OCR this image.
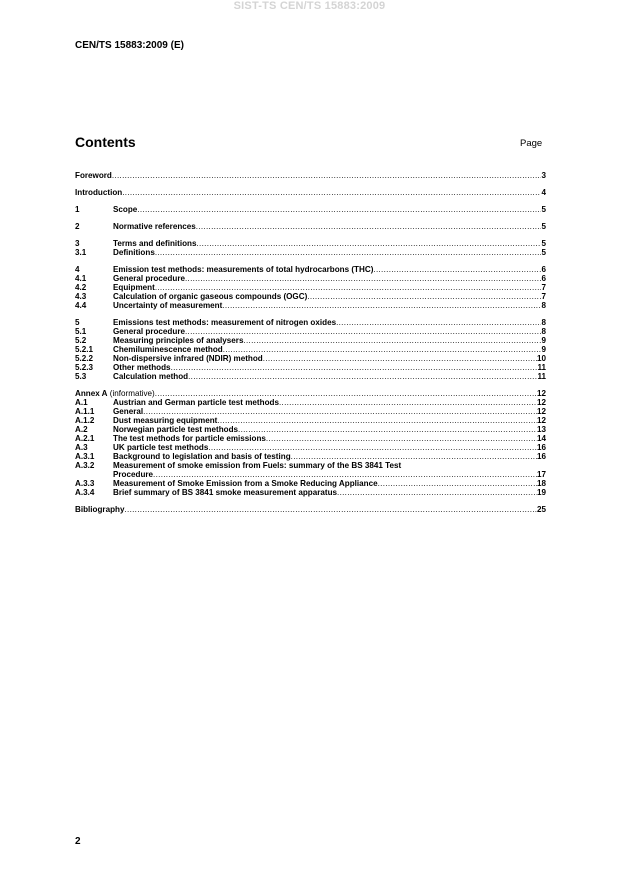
SIST-TS CEN/TS 15883:2009
CEN/TS 15883:2009 (E)
Contents	Page
Foreword .....	3
Introduction .....	4
1	Scope .....	5
2	Normative references .....	5
3	Terms and definitions .....	5
3.1	Definitions .....	5
4	Emission test methods: measurements of total hydrocarbons (THC) .....	6
4.1	General procedure .....	6
4.2	Equipment .....	7
4.3	Calculation of organic gaseous compounds (OGC) .....	7
4.4	Uncertainty of measurement .....	8
5	Emissions test methods: measurement of nitrogen oxides .....	8
5.1	General procedure .....	8
5.2	Measuring principles of analysers .....	9
5.2.1	Chemiluminescence method .....	9
5.2.2	Non-dispersive infrared (NDIR) method .....	10
5.2.3	Other methods .....	11
5.3	Calculation method .....	11
Annex A (informative) .....	12
A.1	Austrian and German particle test methods .....	12
A.1.1	General .....	12
A.1.2	Dust measuring equipment .....	12
A.2	Norwegian particle test methods .....	13
A.2.1	The test methods for particle emissions .....	14
A.3	UK particle test methods .....	16
A.3.1	Background to legislation and basis of testing .....	16
A.3.2	Measurement of smoke emission from Fuels: summary of the BS 3841 Test
Procedure .....	17
A.3.3	Measurement of Smoke Emission from a Smoke Reducing Appliance .....	18
A.3.4	Brief summary of BS 3841 smoke measurement apparatus .....	19
Bibliography .....	25
2
